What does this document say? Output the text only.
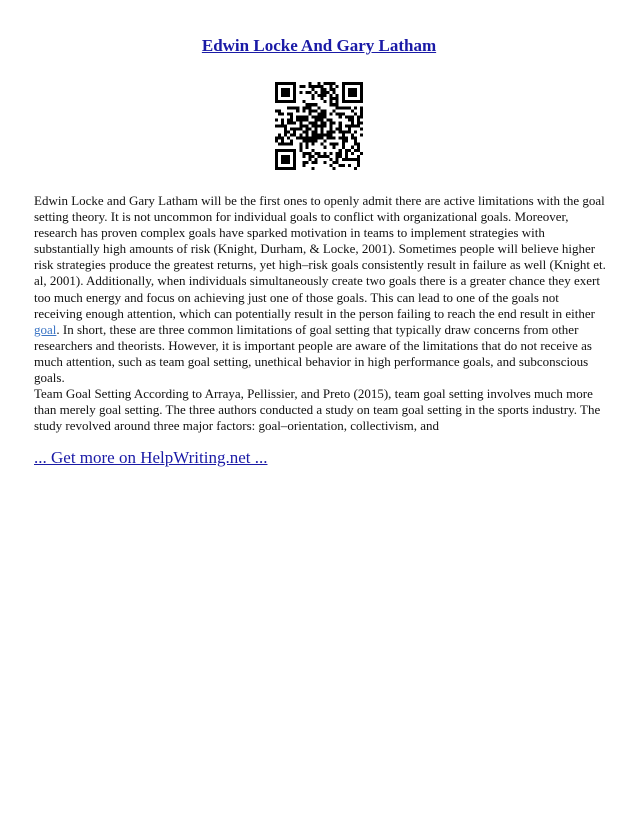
Edwin Locke And Gary Latham

Edwin Locke and Gary Latham will be the first ones to openly admit there are active limitations with the goal setting theory. It is not uncommon for individual goals to conflict with organizational goals. Moreover, research has proven complex goals have sparked motivation in teams to implement strategies with substantially high amounts of risk (Knight, Durham, & Locke, 2001). Sometimes people will believe higher risk strategies produce the greatest returns, yet high–risk goals consistently result in failure as well (Knight et. al, 2001). Additionally, when individuals simultaneously create two goals there is a greater chance they exert too much energy and focus on achieving just one of those goals. This can lead to one of the goals not receiving enough attention, which can potentially result in the person failing to reach the end result in either goal. In short, these are three common limitations of goal setting that typically draw concerns from other researchers and theorists. However, it is important people are aware of the limitations that do not receive as much attention, such as team goal setting, unethical behavior in high performance goals, and subconscious goals.

Team Goal Setting According to Arraya, Pellissier, and Preto (2015), team goal setting involves much more than merely goal setting. The three authors conducted a study on team goal setting in the sports industry. The study revolved around three major factors: goal–orientation, collectivism, and

... Get more on HelpWriting.net ...
